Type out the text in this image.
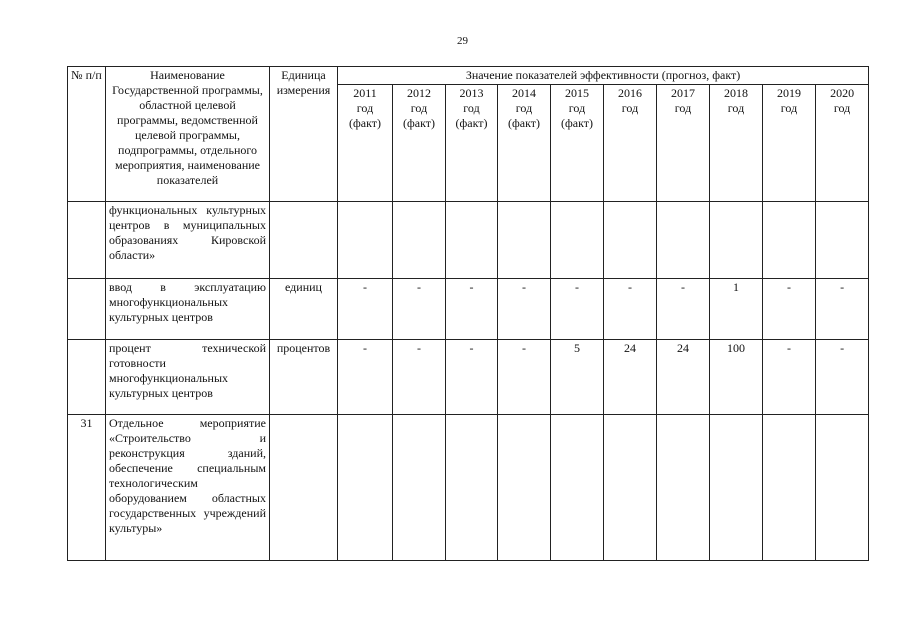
29
№ п/п	Наименование Государственной программы, областной целевой программы, ведомственной целевой программы, подпрограммы, отдельного мероприятия, наименование показателей	Единица измерения	Значение показателей эффективности (прогноз, факт)									

			2011
год
(факт)	2012
год
(факт)	2013
год
(факт)	2014
год
(факт)	2015
год
(факт)	2016
год	2017
год	2018
год	2019
год	2020
год

	функциональных культурных центров в муниципальных образованиях Кировской области»											
	ввод в эксплуатацию многофункциональных культурных центров	единиц	-	-	-	-	-	-	-	1	-	-
	процент технической готовности многофункциональных культурных центров	процентов	-	-	-	-	5	24	24	100	-	-
31	Отдельное мероприятие «Строительство и реконструкция зданий, обеспечение специальным технологическим оборудованием областных государственных учреждений культуры»											
